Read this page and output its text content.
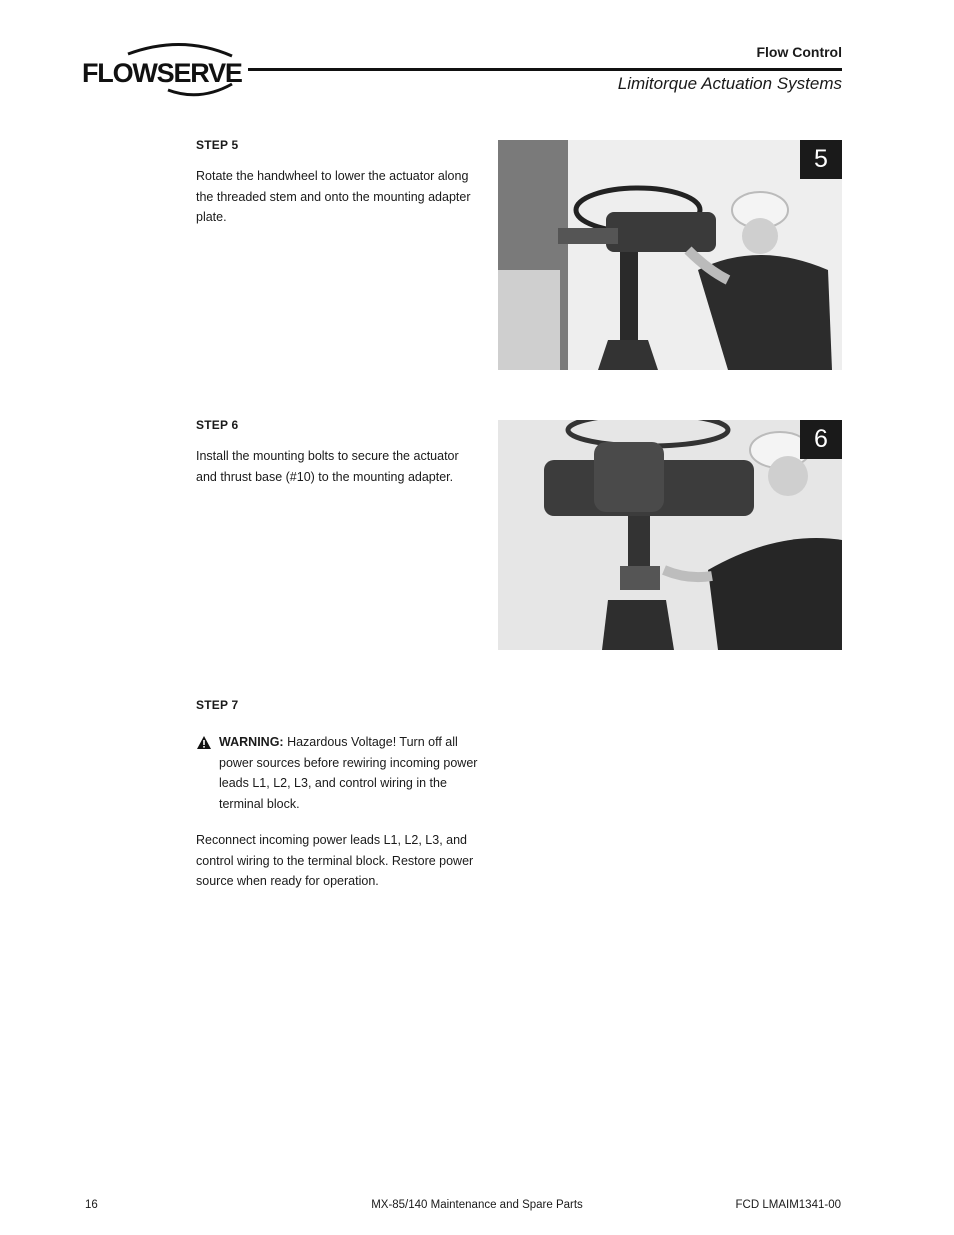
FLOWSERVE
Flow Control
Limitorque Actuation Systems
STEP 5
Rotate the handwheel to lower the actuator along the threaded stem and onto the mounting adapter plate.
5
STEP 6
Install the mounting bolts to secure the actuator and thrust base (#10) to the mounting adapter.
6
STEP 7
WARNING: Hazardous Voltage! Turn off all power sources before rewiring incoming power leads L1, L2, L3, and control wiring in the terminal block.
Reconnect incoming power leads L1, L2, L3, and control wiring to the terminal block. Restore power source when ready for operation.
16	MX-85/140 Maintenance and Spare Parts	FCD LMAIM1341-00
